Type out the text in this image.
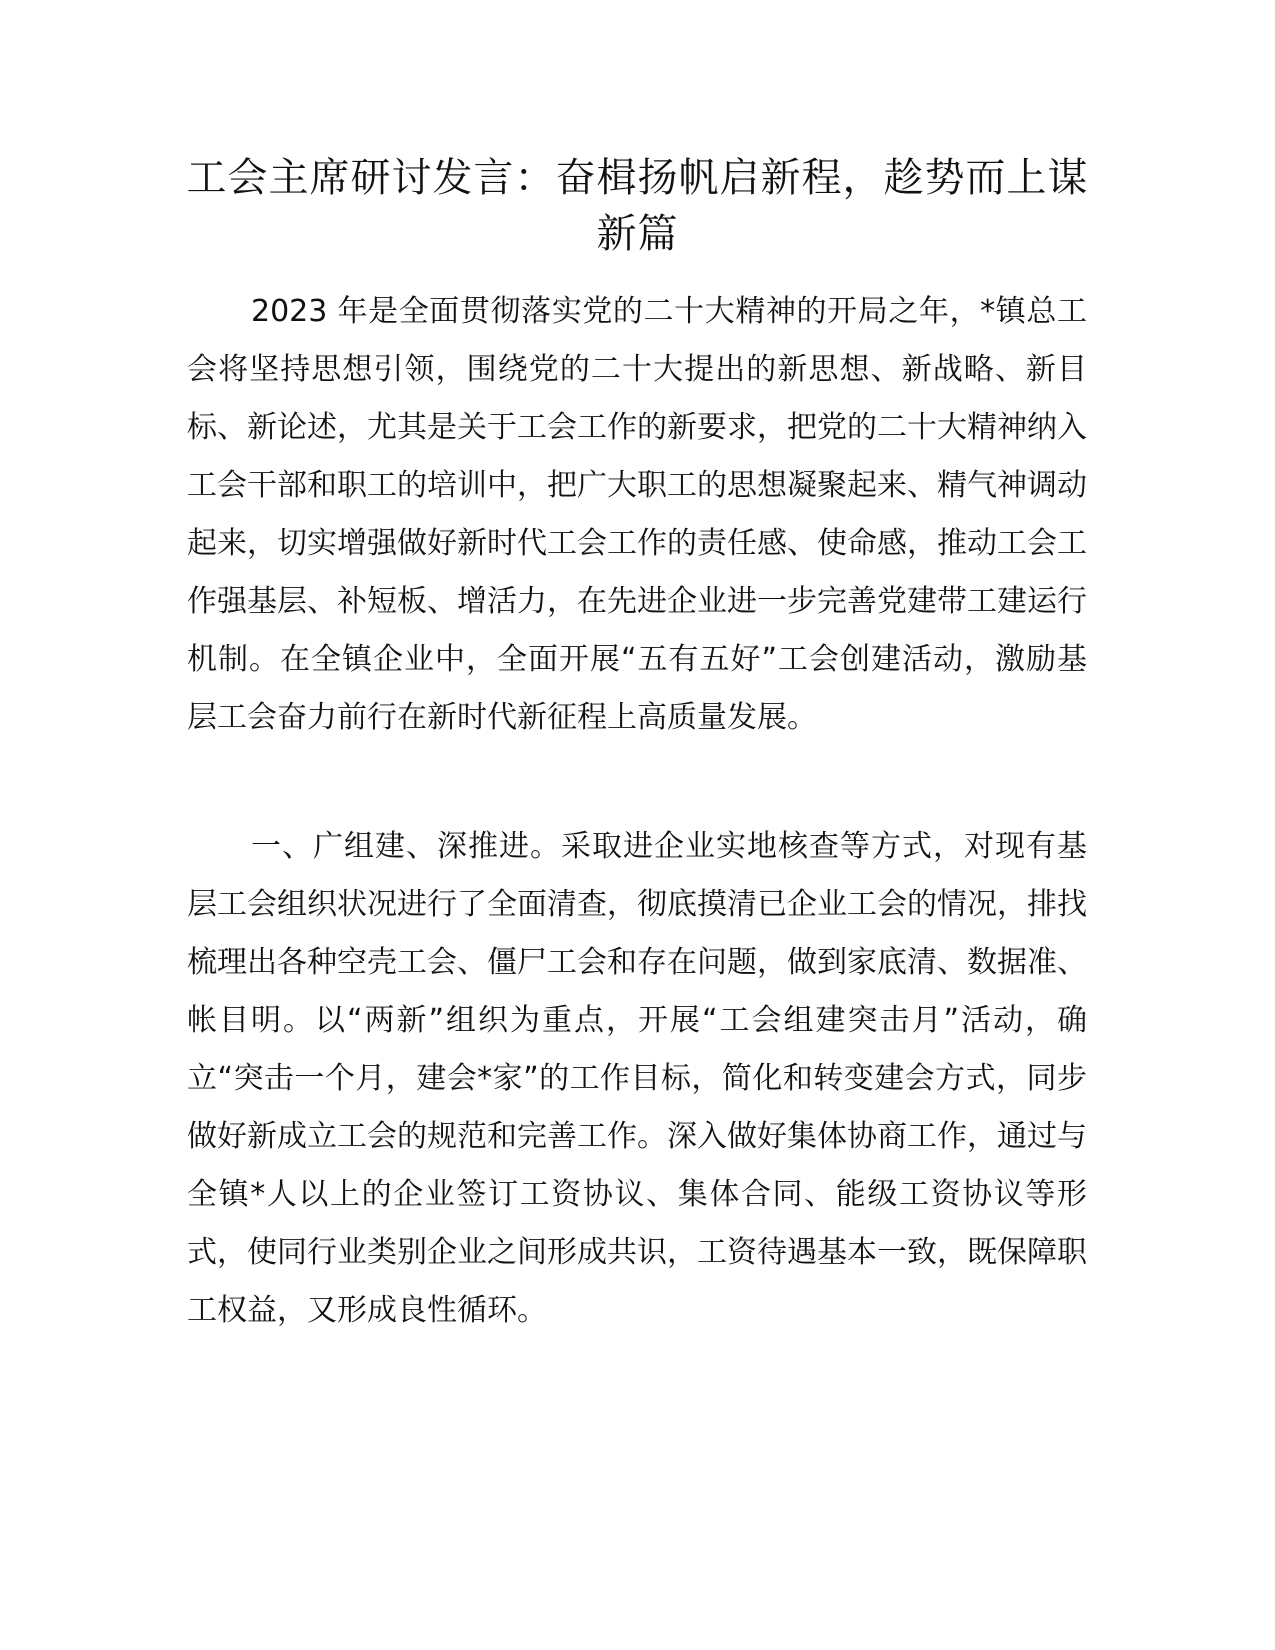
工会主席研讨发言：奋楫扬帆启新程，趁势而上谋新篇

2023 年是全面贯彻落实党的二十大精神的开局之年，*镇总工会将坚持思想引领，围绕党的二十大提出的新思想、新战略、新目标、新论述，尤其是关于工会工作的新要求，把党的二十大精神纳入工会干部和职工的培训中，把广大职工的思想凝聚起来、精气神调动起来，切实增强做好新时代工会工作的责任感、使命感，推动工会工作强基层、补短板、增活力，在先进企业进一步完善党建带工建运行机制。在全镇企业中，全面开展“五有五好”工会创建活动，激励基层工会奋力前行在新时代新征程上高质量发展。

一、广组建、深推进。采取进企业实地核查等方式，对现有基层工会组织状况进行了全面清查，彻底摸清已企业工会的情况，排找梳理出各种空壳工会、僵尸工会和存在问题，做到家底清、数据准、帐目明。以“两新”组织为重点，开展“工会组建突击月”活动，确立“突击一个月，建会*家”的工作目标，简化和转变建会方式，同步做好新成立工会的规范和完善工作。深入做好集体协商工作，通过与全镇*人以上的企业签订工资协议、集体合同、能级工资协议等形式，使同行业类别企业之间形成共识，工资待遇基本一致，既保障职工权益，又形成良性循环。
